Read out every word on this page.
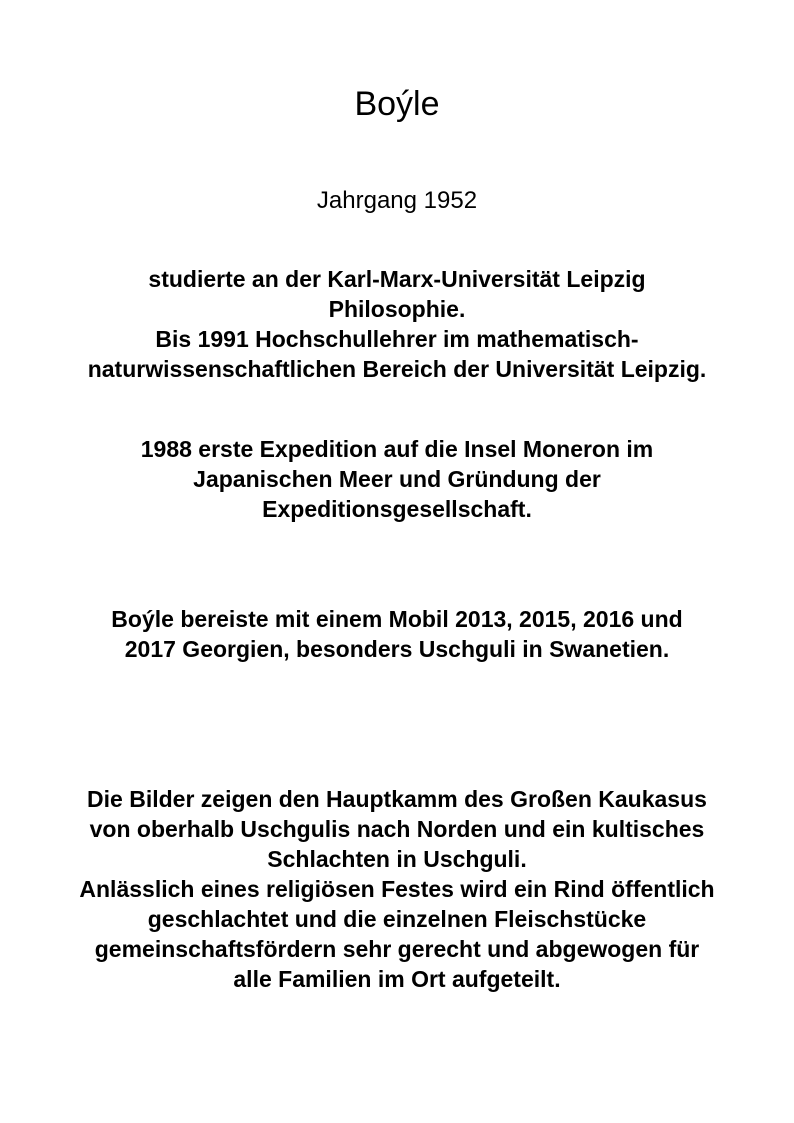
Boýle
Jahrgang 1952

studierte an der Karl-Marx-Universität Leipzig
Philosophie.

Bis 1991 Hochschullehrer im mathematisch-
naturwissenschaftlichen Bereich der Universität Leipzig.

1988 erste Expedition auf die Insel Moneron im
Japanischen Meer und Gründung der
Expeditionsgesellschaft.

Boýle bereiste mit einem Mobil 2013, 2015, 2016 und
2017 Georgien, besonders Uschguli in Swanetien.

Die Bilder zeigen den Hauptkamm des Großen Kaukasus
von oberhalb Uschgulis nach Norden und ein kultisches
Schlachten in Uschguli.

Anlässlich eines religiösen Festes wird ein Rind öffentlich
geschlachtet und die einzelnen Fleischstücke
gemeinschaftsfördern sehr gerecht und abgewogen für
alle Familien im Ort aufgeteilt.
